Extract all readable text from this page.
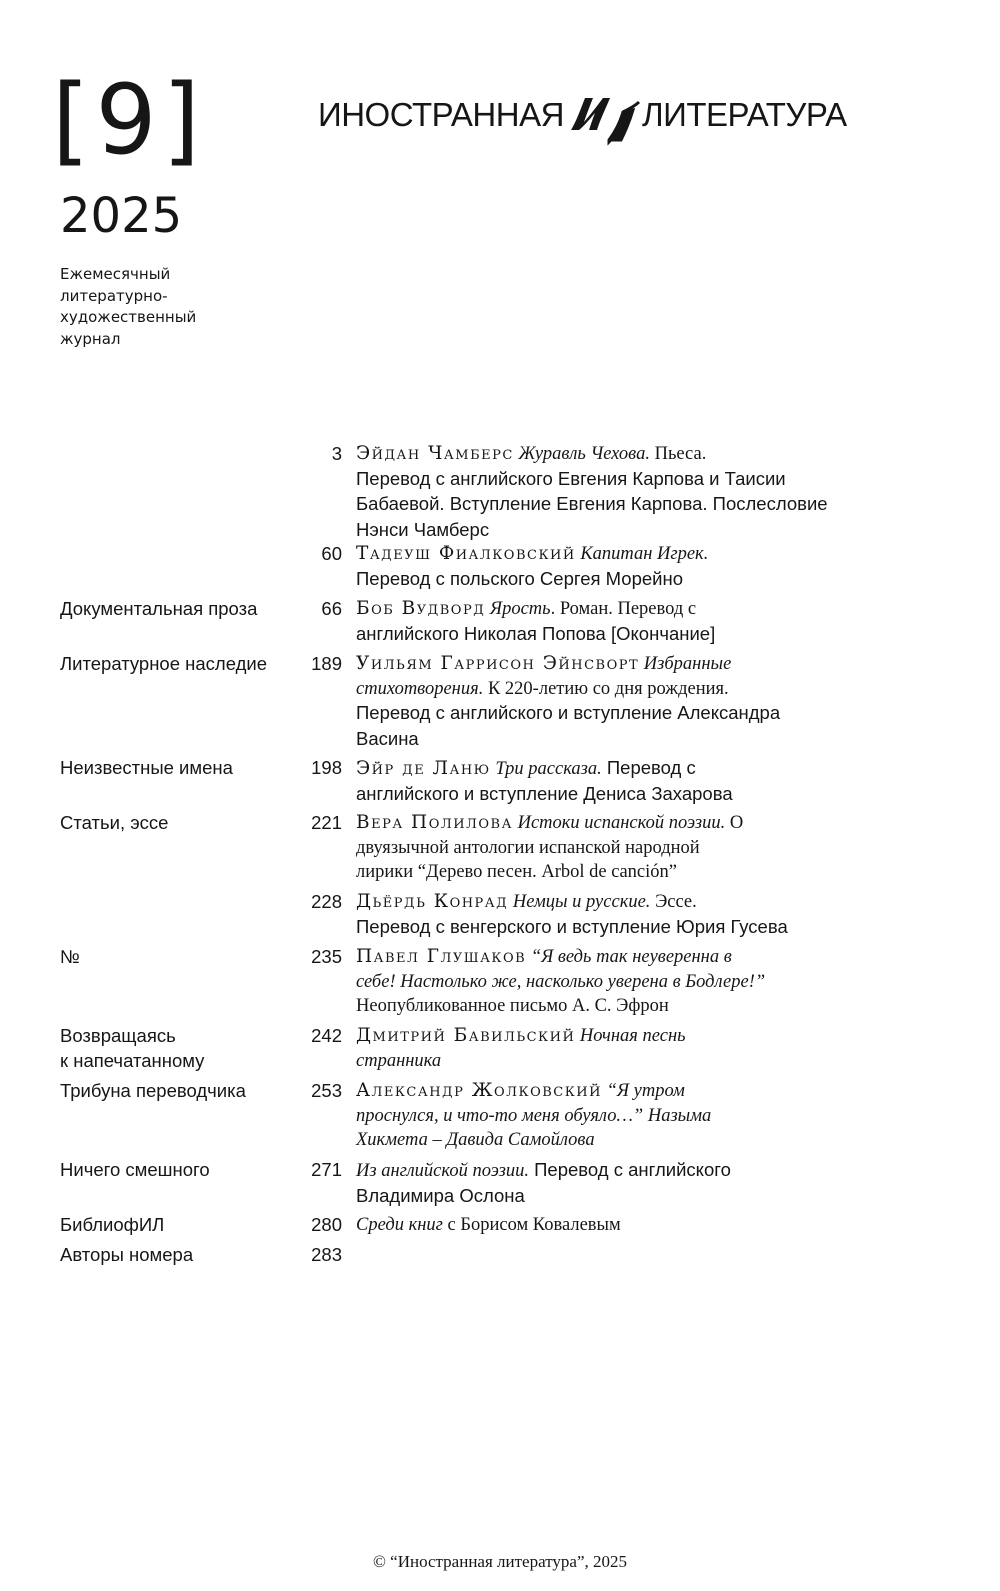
[9]
2025
Ежемесячный
литературно-
художественный
журнал
ИНОСТРАННАЯ ЛИТЕРАТУРА
3 Эйдан Чамберс Журавль Чехова. Пьеса.
Перевод с английского Евгения Карпова и Таисии
Бабаевой. Вступление Евгения Карпова. Послесловие
Нэнси Чамберс
60 Тадеуш Фиалковский Капитан Игрек.
Перевод с польского Сергея Морейно
Документальная проза	66 Боб Вудворд Ярость. Роман. Перевод с
английского Николая Попова [Окончание]
Литературное наследие	189 Уильям Гаррисон Эйнсворт Избранные
стихотворения. К 220-летию со дня рождения.
Перевод с английского и вступление Александра
Васина
Неизвестные имена	198 Эйр де Ланю Три рассказа. Перевод с
английского и вступление Дениса Захарова
Статьи, эссе	221 Вера Полилова Истоки испанской поэзии. О
двуязычной антологии испанской народной
лирики “Дерево песен. Arbol de canción”
228 Дьёрдь Конрад Немцы и русские. Эссе.
Перевод с венгерского и вступление Юрия Гусева
№	235 Павел Глушаков “Я ведь так неуверенна в
себе! Настолько же, насколько уверена в Бодлере!”
Неопубликованное письмо А. С. Эфрон
Возвращаясь
к напечатанному
242 Дмитрий Бавильский Ночная песнь
странника
Трибуна переводчика	253 Александр Жолковский “Я утром
проснулся, и что-то меня обуяло…” Назыма
Хикмета – Давида Самойлова
Ничего смешного	271 Из английской поэзии. Перевод с английского
Владимира Ослона
БиблиофИЛ	280 Среди книг с Борисом Ковалевым
Авторы номера	283
© “Иностранная литература”, 2025
